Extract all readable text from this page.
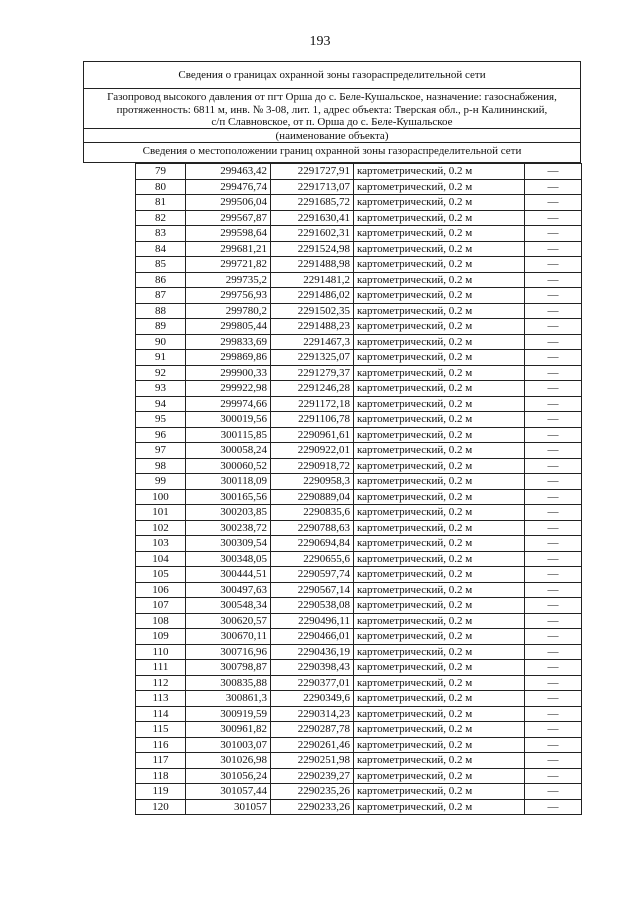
193
Сведения о границах охранной зоны газораспределительной сети
Газопровод высокого давления от пгт Орша до с. Беле-Кушальское, назначение: газоснабжения,
протяженность: 6811 м, инв. № 3-08, лит. 1, адрес объекта: Тверская обл., р-н Калининский,
с/п Славновское, от п. Орша до с. Беле-Кушальское
(наименование объекта)
Сведения о местоположении границ охранной зоны газораспределительной сети
79	299463,42	2291727,91	картометрический, 0.2 м	—
80	299476,74	2291713,07	картометрический, 0.2 м	—
81	299506,04	2291685,72	картометрический, 0.2 м	—
82	299567,87	2291630,41	картометрический, 0.2 м	—
83	299598,64	2291602,31	картометрический, 0.2 м	—
84	299681,21	2291524,98	картометрический, 0.2 м	—
85	299721,82	2291488,98	картометрический, 0.2 м	—
86	299735,2	2291481,2	картометрический, 0.2 м	—
87	299756,93	2291486,02	картометрический, 0.2 м	—
88	299780,2	2291502,35	картометрический, 0.2 м	—
89	299805,44	2291488,23	картометрический, 0.2 м	—
90	299833,69	2291467,3	картометрический, 0.2 м	—
91	299869,86	2291325,07	картометрический, 0.2 м	—
92	299900,33	2291279,37	картометрический, 0.2 м	—
93	299922,98	2291246,28	картометрический, 0.2 м	—
94	299974,66	2291172,18	картометрический, 0.2 м	—
95	300019,56	2291106,78	картометрический, 0.2 м	—
96	300115,85	2290961,61	картометрический, 0.2 м	—
97	300058,24	2290922,01	картометрический, 0.2 м	—
98	300060,52	2290918,72	картометрический, 0.2 м	—
99	300118,09	2290958,3	картометрический, 0.2 м	—
100	300165,56	2290889,04	картометрический, 0.2 м	—
101	300203,85	2290835,6	картометрический, 0.2 м	—
102	300238,72	2290788,63	картометрический, 0.2 м	—
103	300309,54	2290694,84	картометрический, 0.2 м	—
104	300348,05	2290655,6	картометрический, 0.2 м	—
105	300444,51	2290597,74	картометрический, 0.2 м	—
106	300497,63	2290567,14	картометрический, 0.2 м	—
107	300548,34	2290538,08	картометрический, 0.2 м	—
108	300620,57	2290496,11	картометрический, 0.2 м	—
109	300670,11	2290466,01	картометрический, 0.2 м	—
110	300716,96	2290436,19	картометрический, 0.2 м	—
111	300798,87	2290398,43	картометрический, 0.2 м	—
112	300835,88	2290377,01	картометрический, 0.2 м	—
113	300861,3	2290349,6	картометрический, 0.2 м	—
114	300919,59	2290314,23	картометрический, 0.2 м	—
115	300961,82	2290287,78	картометрический, 0.2 м	—
116	301003,07	2290261,46	картометрический, 0.2 м	—
117	301026,98	2290251,98	картометрический, 0.2 м	—
118	301056,24	2290239,27	картометрический, 0.2 м	—
119	301057,44	2290235,26	картометрический, 0.2 м	—
120	301057	2290233,26	картометрический, 0.2 м	—
